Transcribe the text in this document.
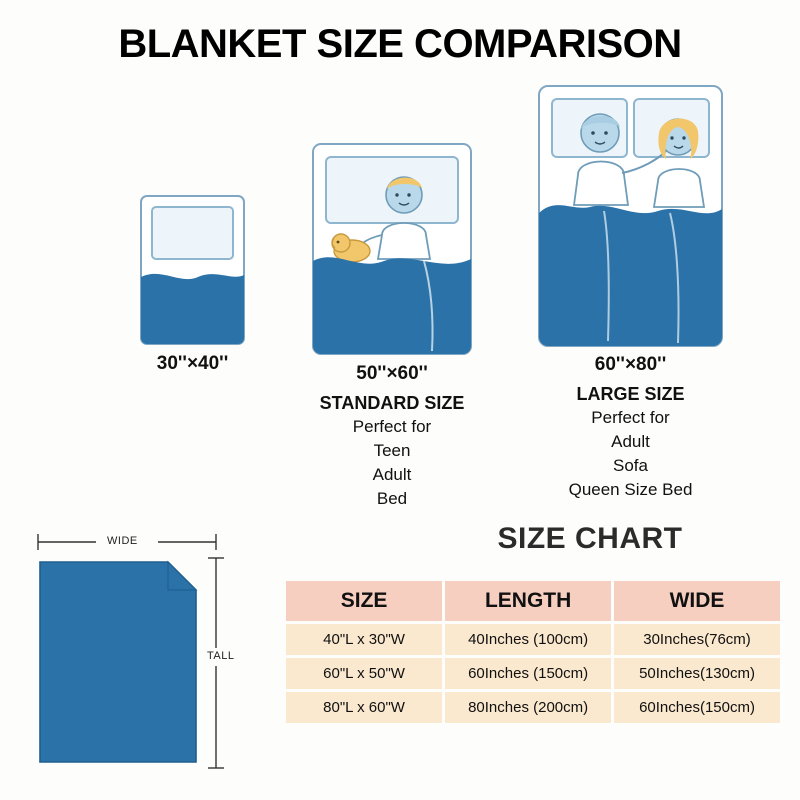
BLANKET SIZE COMPARISON
30''×40''	50''×60''
STANDARD SIZE
Perfect for
Teen
Adult
Bed
60''×80''
LARGE SIZE
Perfect for
Adult
Sofa
Queen Size Bed
WIDE
TALL
SIZE CHART
SIZE	LENGTH	WIDE
40"L x 30"W	40Inches (100cm)	30Inches(76cm)
60"L x 50"W	60Inches (150cm)	50Inches(130cm)
80"L x 60"W	80Inches (200cm)	60Inches(150cm)
